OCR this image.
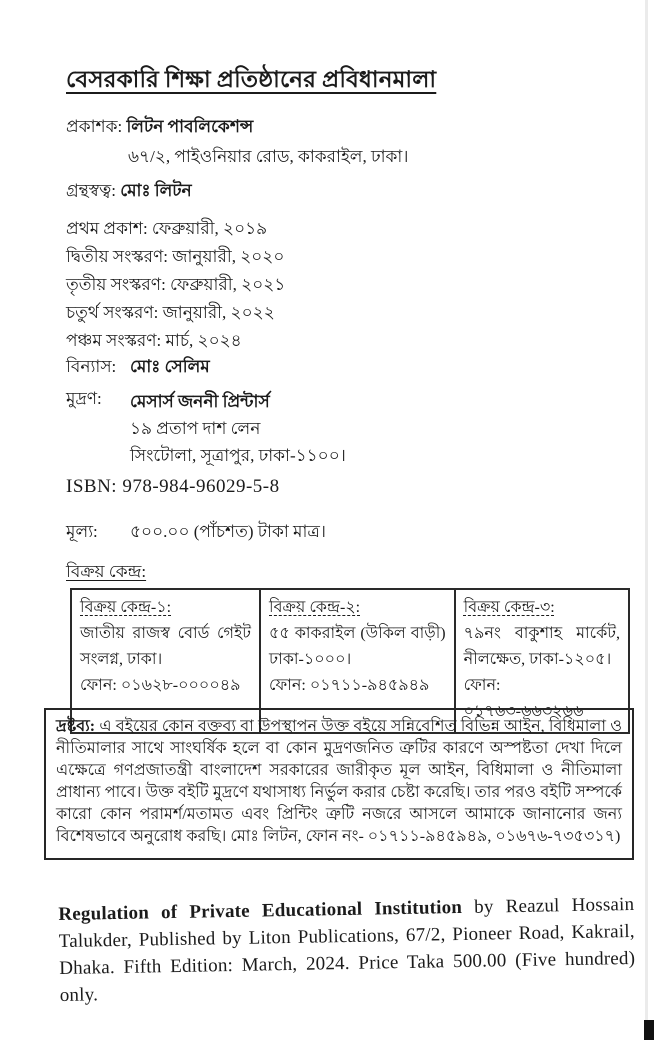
বেসরকারি শিক্ষা প্রতিষ্ঠানের প্রবিধানমালা
প্রকাশক: লিটন পাবলিকেশন্স
৬৭/২, পাইওনিয়ার রোড, কাকরাইল, ঢাকা।
গ্রন্থস্বত্ব: মোঃ লিটন
প্রথম প্রকাশ: ফেব্রুয়ারী, ২০১৯
দ্বিতীয় সংস্করণ: জানুয়ারী, ২০২০
তৃতীয় সংস্করণ: ফেব্রুয়ারী, ২০২১
চতুর্থ সংস্করণ: জানুয়ারী, ২০২২
পঞ্চম সংস্করণ: মার্চ, ২০২৪
বিন্যাস: মোঃ সেলিম
মুদ্রণ:	মেসার্স জননী প্রিন্টার্স
১৯ প্রতাপ দাশ লেন
সিংটোলা, সূত্রাপুর, ঢাকা-১১০০।
ISBN: 978-984-96029-5-8
মূল্য:	৫০০.০০ (পাঁচশত) টাকা মাত্র।
বিক্রয় কেন্দ্র:
বিক্রয় কেন্দ্র-১:
জাতীয় রাজস্ব বোর্ড গেইট সংলগ্ন, ঢাকা।
ফোন: ০১৬২৮-০০০০৪৯
বিক্রয় কেন্দ্র-২:
৫৫ কাকরাইল (উকিল বাড়ী) ঢাকা-১০০০।
ফোন: ০১৭১১-৯৪৫৯৪৯
বিক্রয় কেন্দ্র-৩:
৭৯নং বাকুশাহ মার্কেট, নীলক্ষেত, ঢাকা-১২০৫।
ফোন: ০১৭৬৩-৬৬৩২৬৬
দ্রষ্টব্য: এ বইয়ের কোন বক্তব্য বা উপস্থাপন উক্ত বইয়ে সন্নিবেশিত বিভিন্ন আইন, বিধিমালা ও নীতিমালার সাথে সাংঘর্ষিক হলে বা কোন মুদ্রণজনিত ত্রুটির কারণে অস্পষ্টতা দেখা দিলে এক্ষেত্রে গণপ্রজাতন্ত্রী বাংলাদেশ সরকারের জারীকৃত মূল আইন, বিধিমালা ও নীতিমালা প্রাধান্য পাবে। উক্ত বইটি মুদ্রণে যথাসাধ্য নির্ভুল করার চেষ্টা করেছি। তার পরও বইটি সম্পর্কে কারো কোন পরামর্শ/মতামত এবং প্রিন্টিং ত্রুটি নজরে আসলে আমাকে জানানোর জন্য বিশেষভাবে অনুরোধ করছি। মোঃ লিটন, ফোন নং- ০১৭১১-৯৪৫৯৪৯, ০১৬৭৬-৭৩৫৩১৭)

Regulation of Private Educational Institution by Reazul Hossain Talukder, Published by Liton Publications, 67/2, Pioneer Road, Kakrail, Dhaka. Fifth Edition: March, 2024. Price Taka 500.00 (Five hundred) only.
